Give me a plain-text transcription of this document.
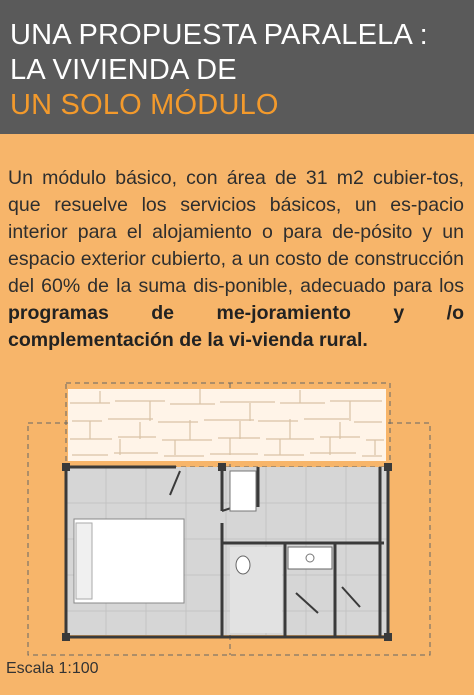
UNA PROPUESTA PARALELA :
LA VIVIENDA DE
UN SOLO MÓDULO
Un módulo básico, con área de 31 m2 cubier-tos, que resuelve los servicios básicos, un es-pacio interior para el alojamiento o para de-pósito y un espacio exterior cubierto, a un costo de construcción del 60% de la suma dis-ponible, adecuado para los programas de me-joramiento y /o complementación de la vi-vienda rural.
Escala 1:100
